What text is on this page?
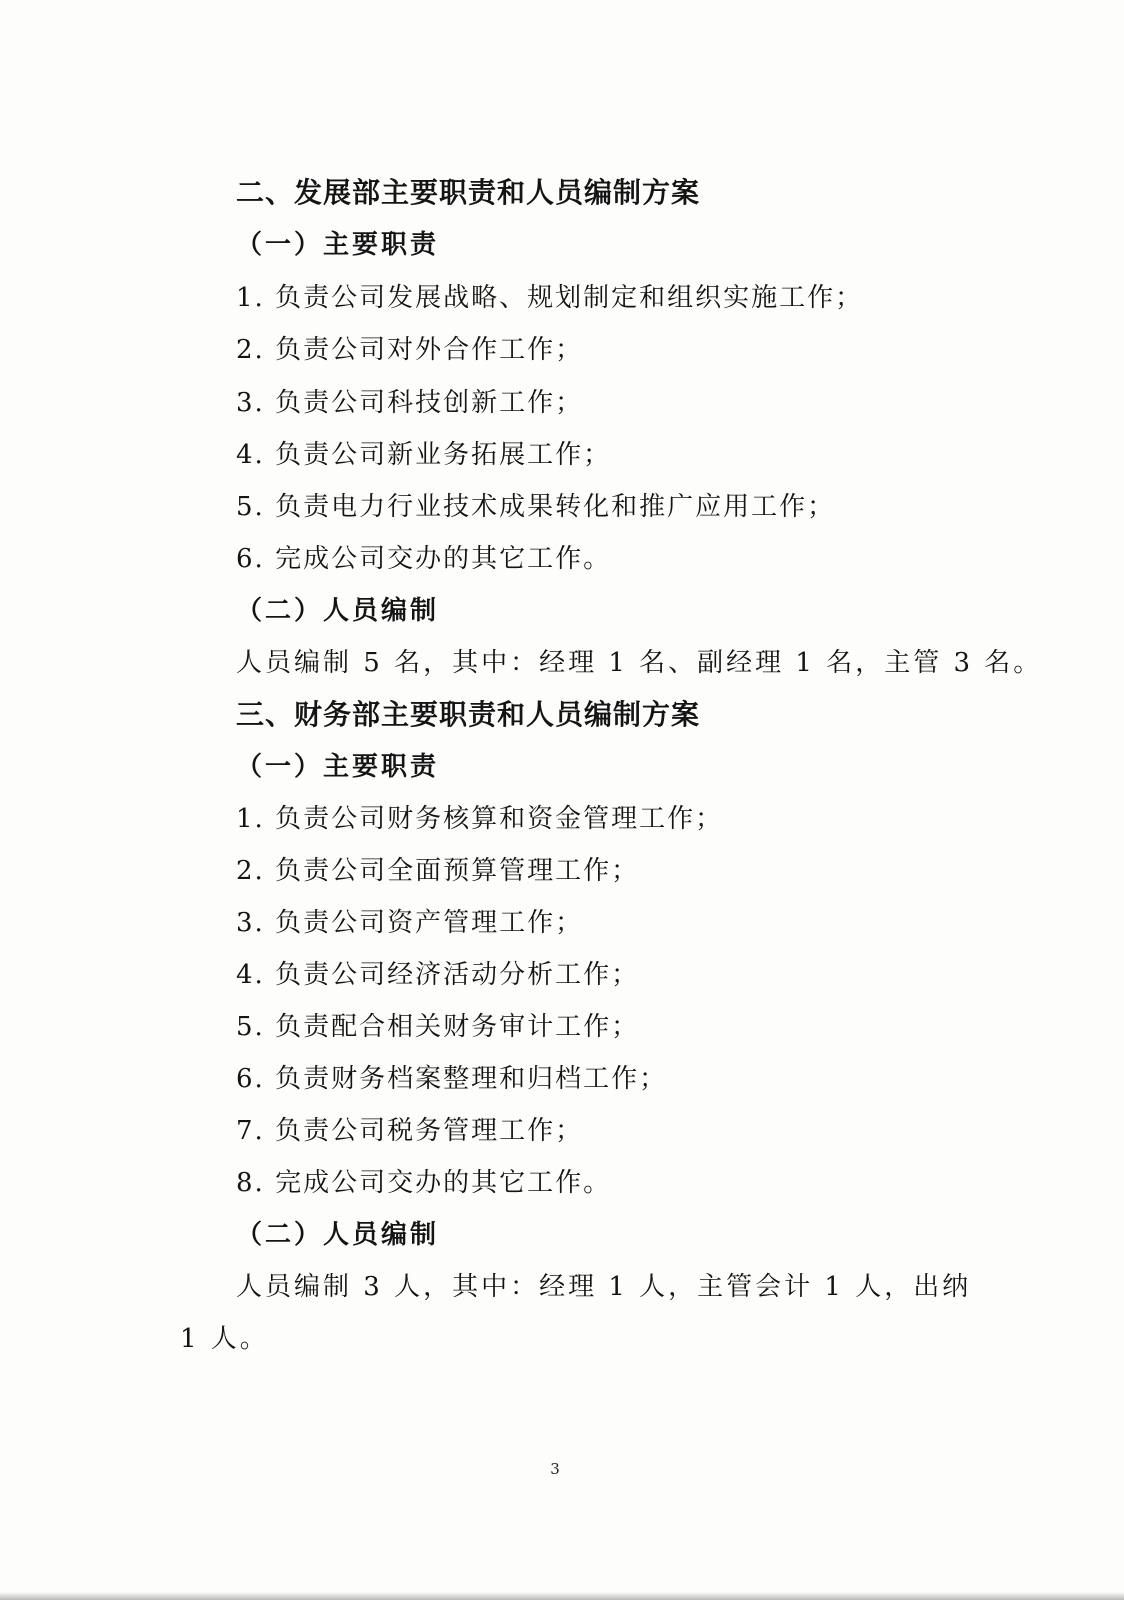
二、发展部主要职责和人员编制方案
（一）主要职责
1. 负责公司发展战略、规划制定和组织实施工作；
2. 负责公司对外合作工作；
3. 负责公司科技创新工作；
4. 负责公司新业务拓展工作；
5. 负责电力行业技术成果转化和推广应用工作；
6. 完成公司交办的其它工作。
（二）人员编制
人员编制 5 名，其中：经理 1 名、副经理 1 名，主管 3 名。
三、财务部主要职责和人员编制方案
（一）主要职责
1. 负责公司财务核算和资金管理工作；
2. 负责公司全面预算管理工作；
3. 负责公司资产管理工作；
4. 负责公司经济活动分析工作；
5. 负责配合相关财务审计工作；
6. 负责财务档案整理和归档工作；
7. 负责公司税务管理工作；
8. 完成公司交办的其它工作。
（二）人员编制
人员编制 3 人，其中：经理 1 人，主管会计 1 人，出纳
1 人。
3
